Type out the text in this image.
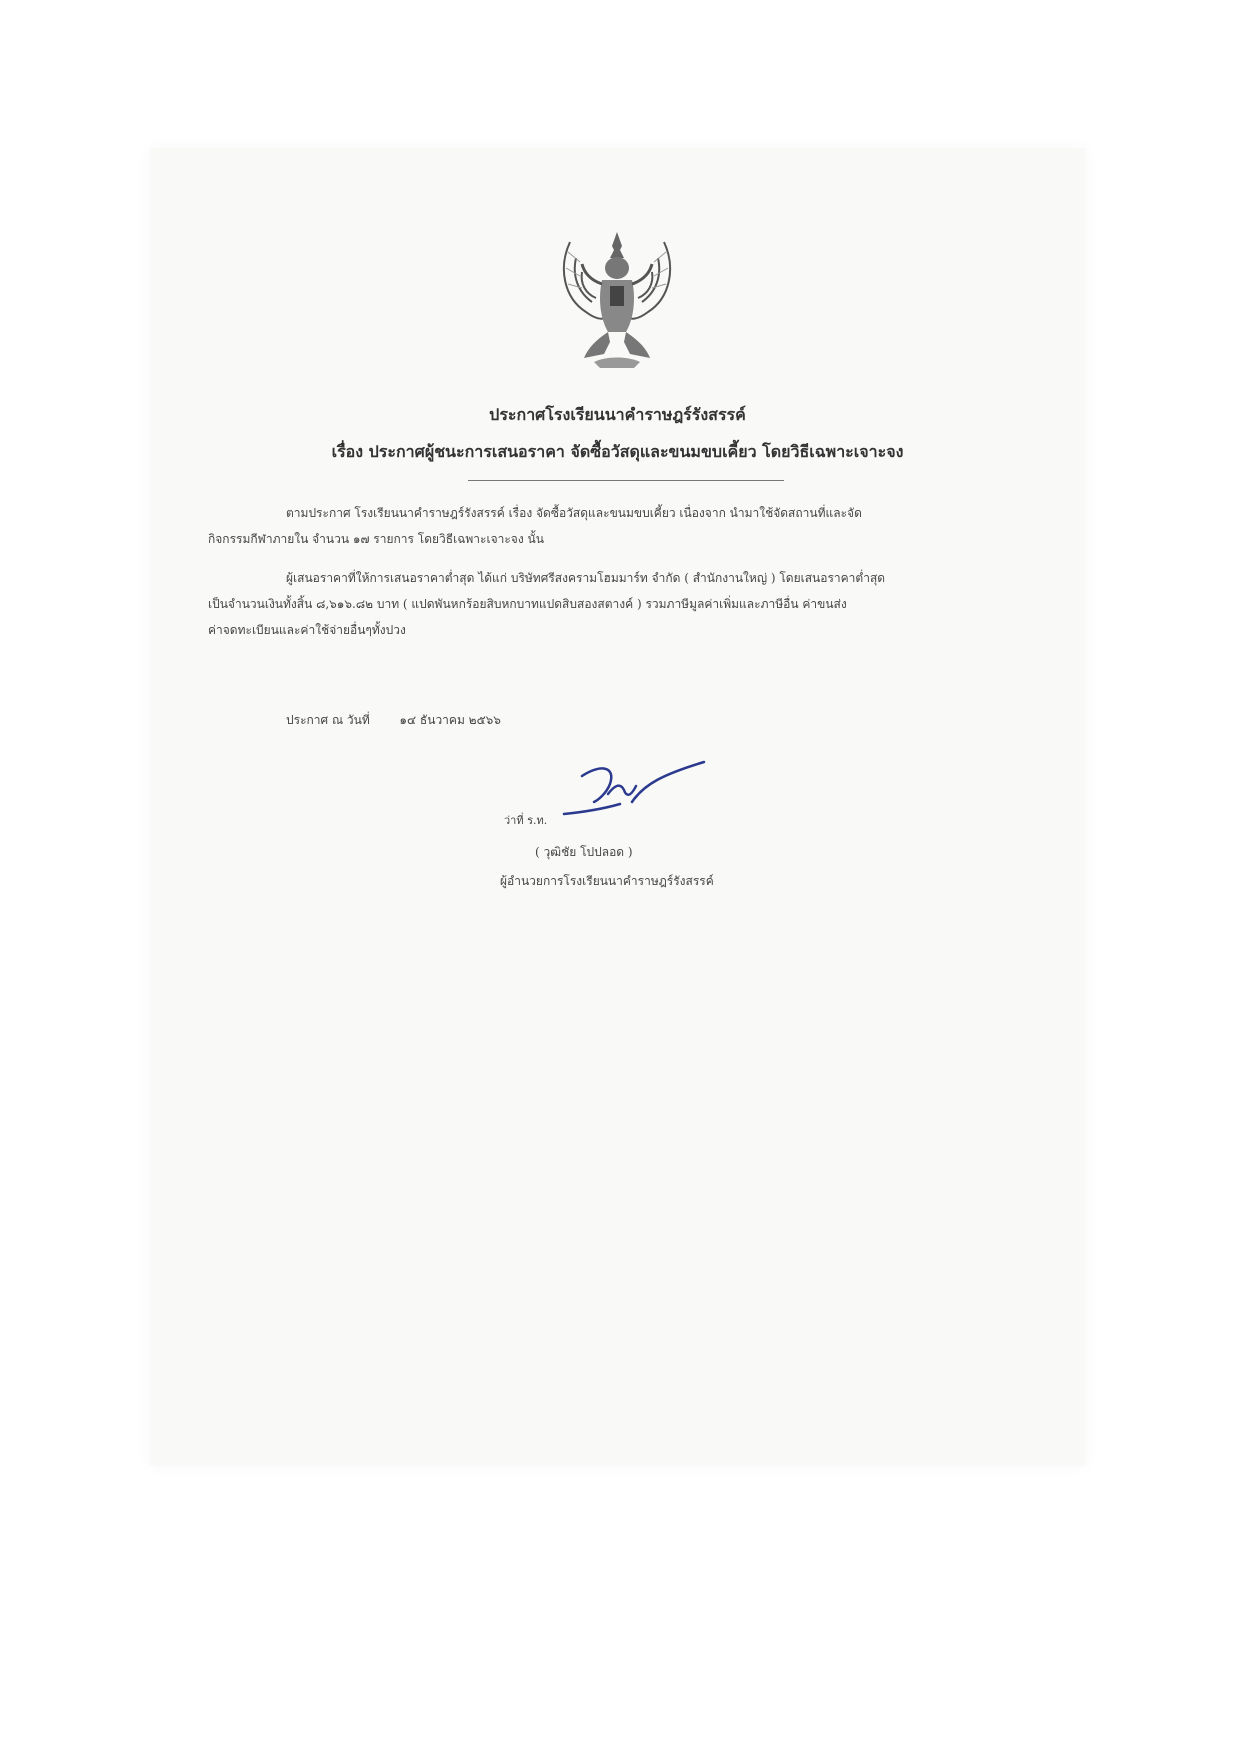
ประกาศโรงเรียนนาคำราษฎร์รังสรรค์
เรื่อง ประกาศผู้ชนะการเสนอราคา จัดซื้อวัสดุและขนมขบเคี้ยว โดยวิธีเฉพาะเจาะจง
ตามประกาศ โรงเรียนนาคำราษฎร์รังสรรค์ เรื่อง จัดซื้อวัสดุและขนมขบเคี้ยว เนื่องจาก นำมาใช้จัดสถานที่และจัด
กิจกรรมกีฬาภายใน จำนวน ๑๗ รายการ โดยวิธีเฉพาะเจาะจง นั้น
ผู้เสนอราคาที่ให้การเสนอราคาต่ำสุด ได้แก่ บริษัทศรีสงครามโฮมมาร์ท จำกัด ( สำนักงานใหญ่ ) โดยเสนอราคาต่ำสุด
เป็นจำนวนเงินทั้งสิ้น ๘,๖๑๖.๘๒ บาท ( แปดพันหกร้อยสิบหกบาทแปดสิบสองสตางค์ ) รวมภาษีมูลค่าเพิ่มและภาษีอื่น ค่าขนส่ง
ค่าจดทะเบียนและค่าใช้จ่ายอื่นๆทั้งปวง
ประกาศ ณ วันที่ ๑๔ ธันวาคม ๒๕๖๖
ว่าที่ ร.ท.
( วุฒิชัย โปปลอด )
ผู้อำนวยการโรงเรียนนาคำราษฎร์รังสรรค์
